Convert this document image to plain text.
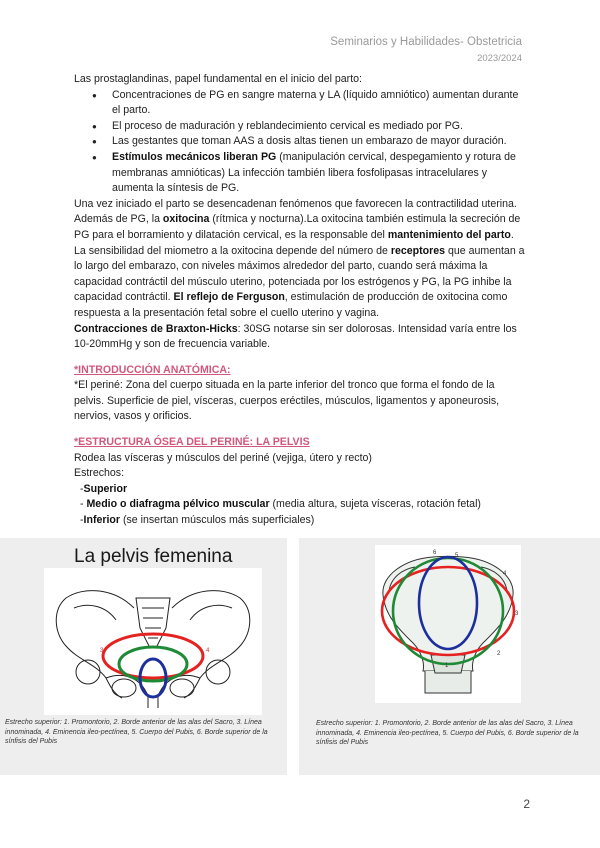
Seminarios y Habilidades- Obstetricia
2023/2024

Las prostaglandinas, papel fundamental en el inicio del parto:

● Concentraciones de PG en sangre materna y LA (líquido amniótico) aumentan durante el parto.
● El proceso de maduración y reblandecimiento cervical es mediado por PG.
● Las gestantes que toman AAS a dosis altas tienen un embarazo de mayor duración.
● Estímulos mecánicos liberan PG (manipulación cervical, despegamiento y rotura de membranas amnióticas) La infección también libera fosfolipasas intracelulares y aumenta la síntesis de PG.

Una vez iniciado el parto se desencadenan fenómenos que favorecen la contractilidad uterina. Además de PG, la oxitocina (rítmica y nocturna).La oxitocina también estimula la secreción de PG para el borramiento y dilatación cervical, es la responsable del mantenimiento del parto. La sensibilidad del miometro a la oxitocina depende del número de receptores que aumentan a lo largo del embarazo, con niveles máximos alrededor del parto, cuando será máxima la capacidad contráctil del músculo uterino, potenciada por los estrógenos y PG, la PG inhibe la capacidad contráctil. El reflejo de Ferguson, estimulación de producción de oxitocina como respuesta a la presentación fetal sobre el cuello uterino y vagina.

Contracciones de Braxton-Hicks: 30SG notarse sin ser dolorosas. Intensidad varía entre los 10-20mmHg y son de frecuencia variable.

*INTRODUCCIÓN ANATÓMICA:

*El periné: Zona del cuerpo situada en la parte inferior del tronco que forma el fondo de la pelvis. Superficie de piel, vísceras, cuerpos eréctiles, músculos, ligamentos y aponeurosis, nervios, vasos y orificios.

*ESTRUCTURA ÓSEA DEL PERINÉ: LA PELVIS

Rodea las vísceras y músculos del periné (vejiga, útero y recto)

Estrechos:

-Superior

- Medio o diafragma pélvico muscular (media altura, sujeta vísceras, rotación fetal)

-Inferior (se insertan músculos más superficiales)

La pelvis femenina
3	4
Estrecho superior: 1. Promontorio, 2. Borde anterior de las alas del Sacro, 3. Línea innominada, 4. Eminencia ileo-pectínea, 5. Cuerpo del Pubis, 6. Borde superior de la sínfisis del Pubis
5
4
3
2
1
6
Estrecho superior: 1. Promontorio, 2. Borde anterior de las alas del Sacro, 3. Línea innominada, 4. Eminencia ileo-pectínea, 5. Cuerpo del Pubis, 6. Borde superior de la sínfisis del Pubis
2
